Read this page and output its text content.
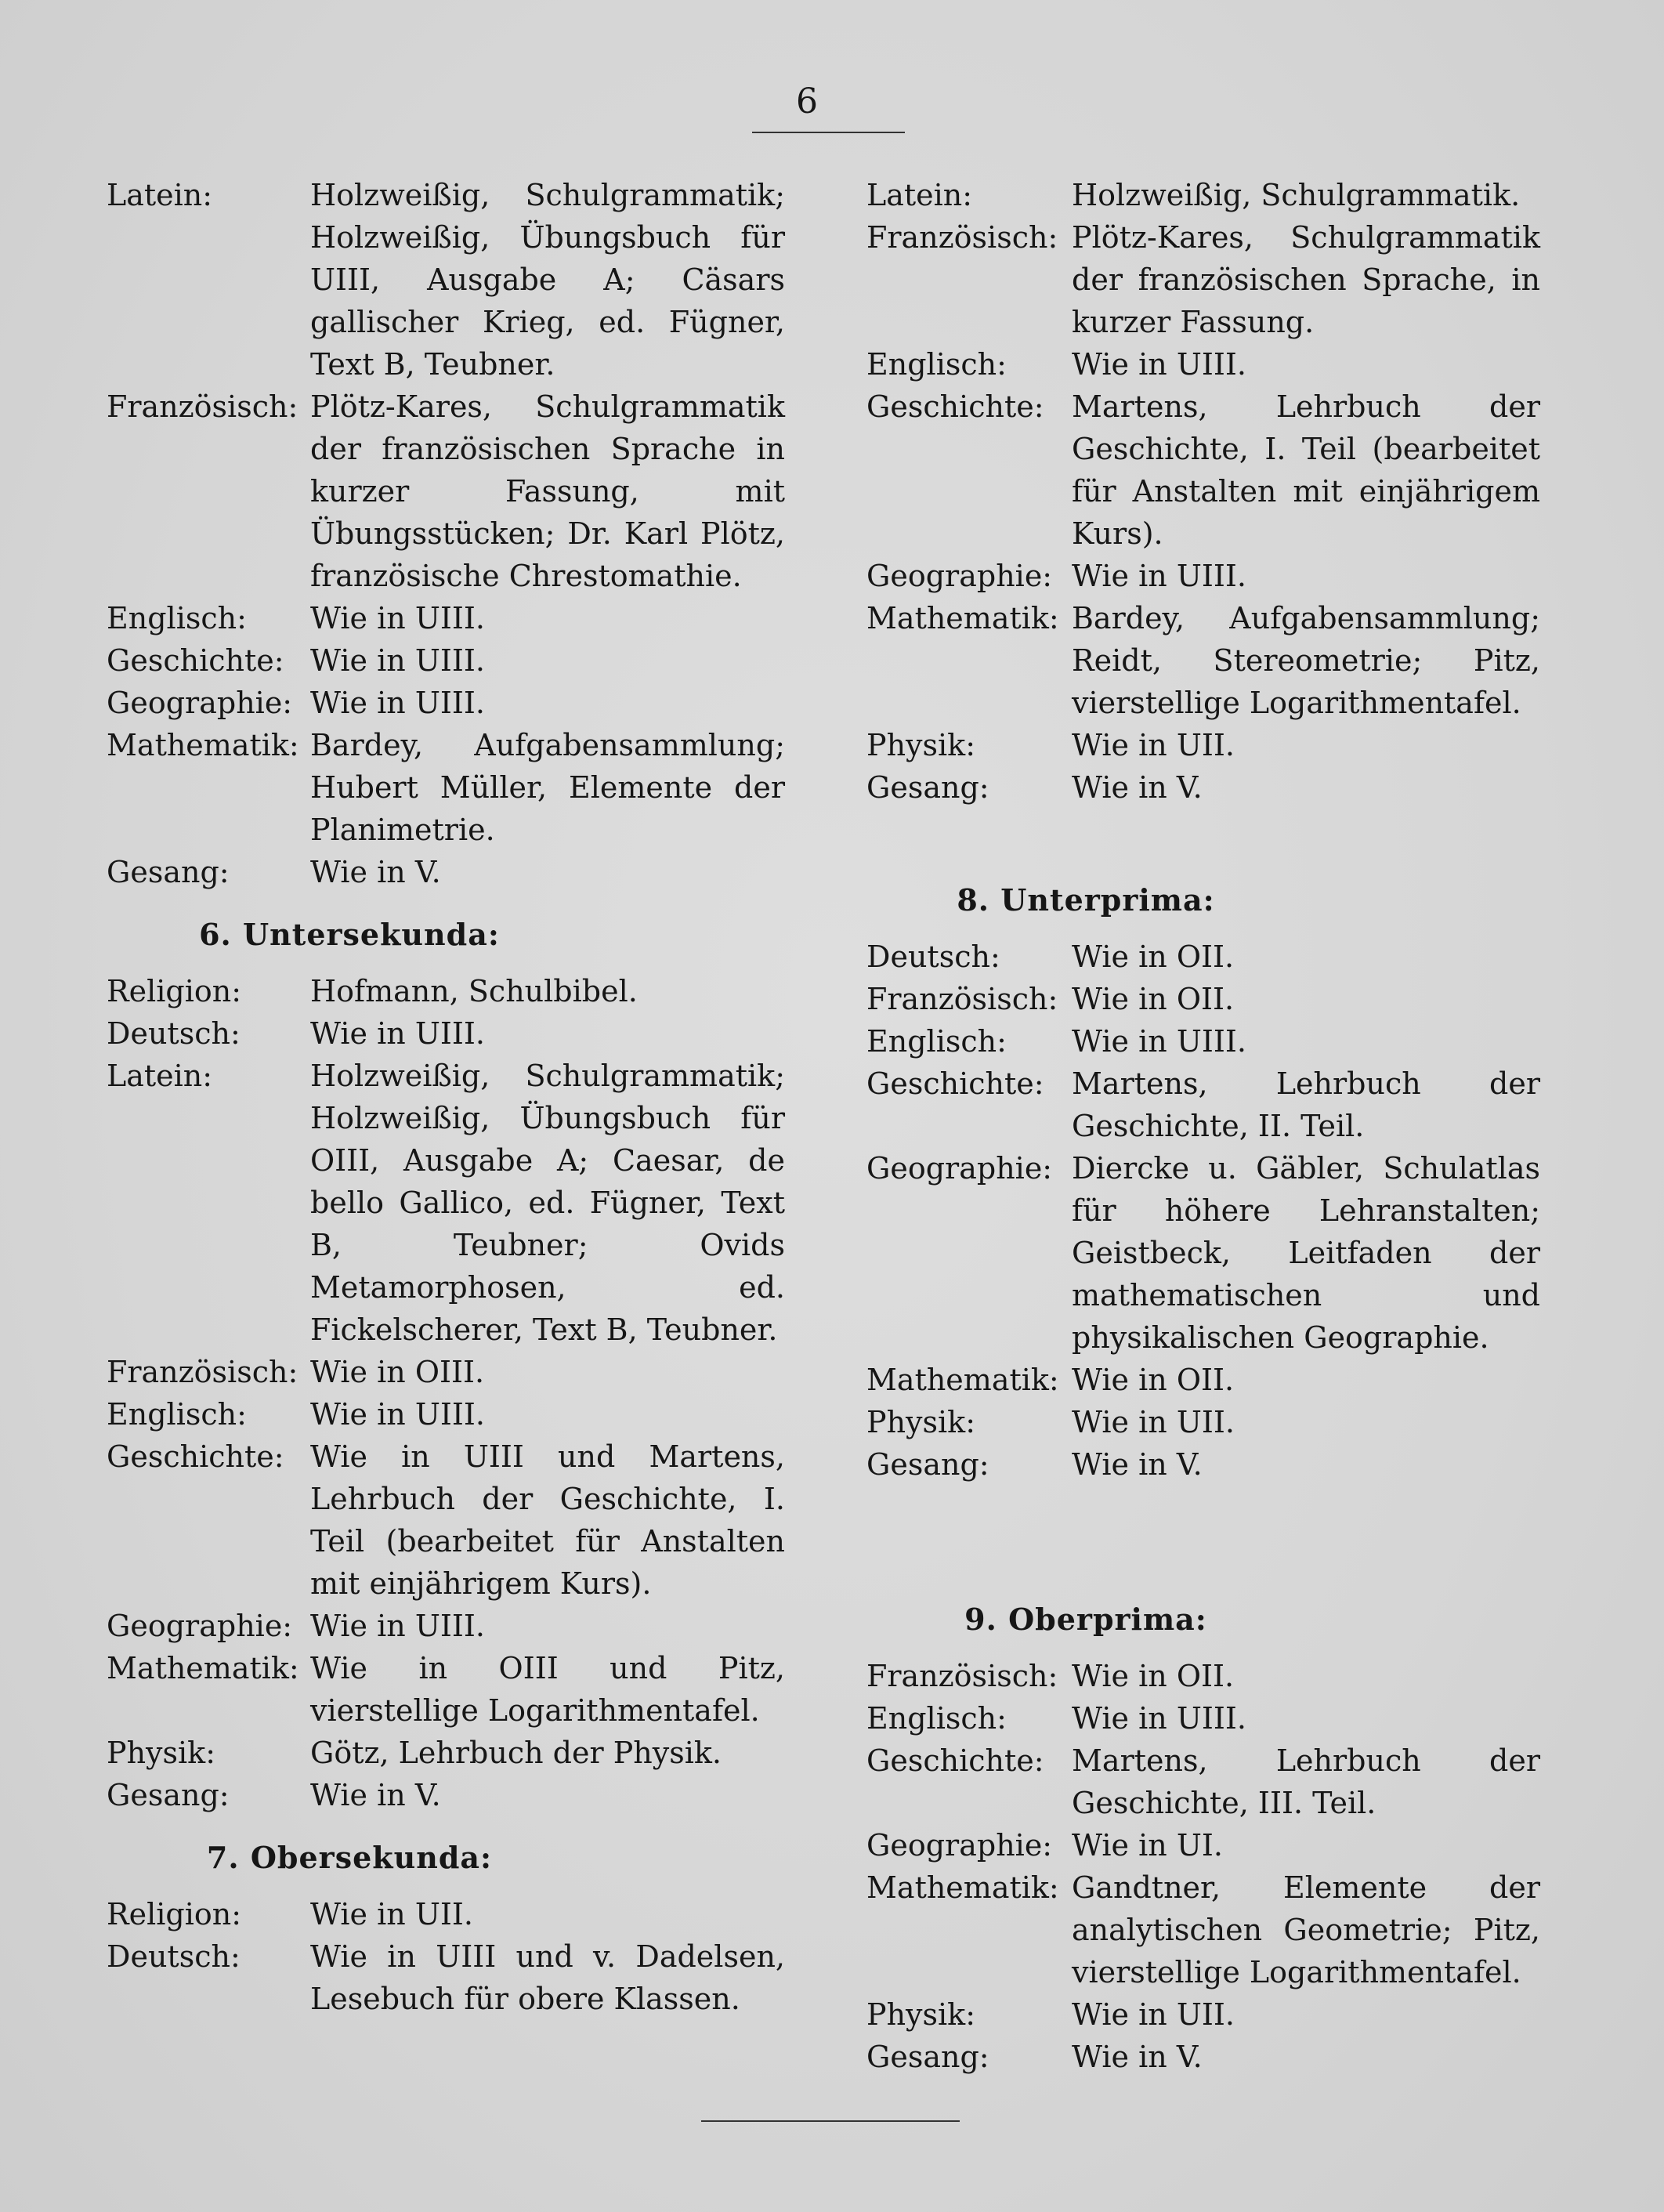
6
Latein:	Holzweißig, Schulgrammatik; Holzweißig, Übungsbuch für UIII, Ausgabe A; Cäsars gallischer Krieg, ed. Fügner, Text B, Teubner.
Französisch: Plötz-Kares, Schulgrammatik der französischen Sprache in kurzer Fassung, mit Übungsstücken; Dr. Karl Plötz, französische Chrestomathie.
Englisch:	Wie in UIII.
Geschichte: Wie in UIII.
Geographie: Wie in UIII.
Mathematik: Bardey, Aufgabensammlung; Hubert Müller, Elemente der Planimetrie.
Gesang:	Wie in V.
6. Untersekunda:
Religion:	Hofmann, Schulbibel.
Deutsch:	Wie in UIII.
Latein:	Holzweißig, Schulgrammatik; Holzweißig, Übungsbuch für OIII, Ausgabe A; Caesar, de bello Gallico, ed. Fügner, Text B, Teubner; Ovids Metamorphosen, ed. Fickelscherer, Text B, Teubner.
Französisch: Wie in OIII.
Englisch:	Wie in UIII.
Geschichte: Wie in UIII und Martens, Lehrbuch der Geschichte, I. Teil (bearbeitet für Anstalten mit einjährigem Kurs).
Geographie: Wie in UIII.
Mathematik: Wie in OIII und Pitz, vierstellige Logarithmentafel.
Physik:	Götz, Lehrbuch der Physik.
Gesang:	Wie in V.
7. Obersekunda:
Religion:	Wie in UII.
Deutsch:	Wie in UIII und v. Dadelsen, Lesebuch für obere Klassen.
Latein:	Holzweißig, Schulgrammatik.
Französisch: Plötz-Kares, Schulgrammatik der französischen Sprache, in kurzer Fassung.
Englisch:	Wie in UIII.
Geschichte: Martens, Lehrbuch der Geschichte, I. Teil (bearbeitet für Anstalten mit einjährigem Kurs).
Geographie: Wie in UIII.
Mathematik: Bardey, Aufgabensammlung; Reidt, Stereometrie; Pitz, vierstellige Logarithmentafel.
Physik:	Wie in UII.
Gesang:	Wie in V.
8. Unterprima:
Deutsch:	Wie in OII.
Französisch: Wie in OII.
Englisch:	Wie in UIII.
Geschichte: Martens, Lehrbuch der Geschichte, II. Teil.
Geographie: Diercke u. Gäbler, Schulatlas für höhere Lehranstalten; Geistbeck, Leitfaden der mathematischen und physikalischen Geographie.
Mathematik: Wie in OII.
Physik:	Wie in UII.
Gesang:	Wie in V.
9. Oberprima:
Französisch: Wie in OII.
Englisch:	Wie in UIII.
Geschichte: Martens, Lehrbuch der Geschichte, III. Teil.
Geographie: Wie in UI.
Mathematik: Gandtner, Elemente der analytischen Geometrie; Pitz, vierstellige Logarithmentafel.
Physik:	Wie in UII.
Gesang:	Wie in V.
